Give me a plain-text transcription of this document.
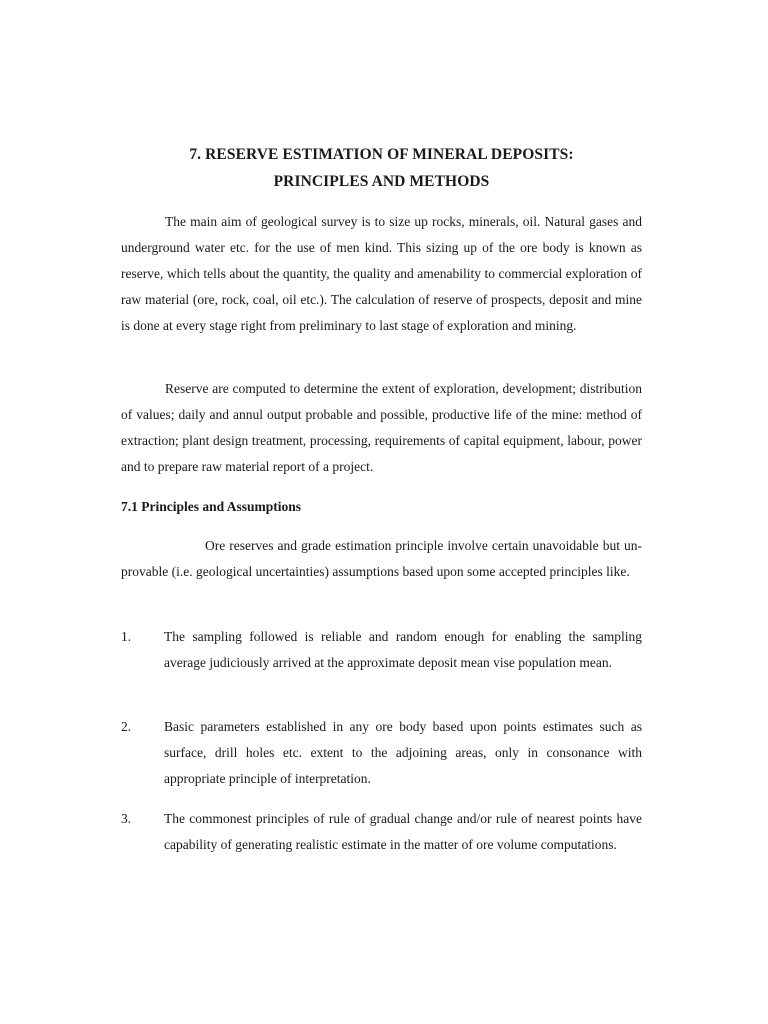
7. RESERVE ESTIMATION OF MINERAL DEPOSITS:
PRINCIPLES AND METHODS

The main aim of geological survey is to size up rocks, minerals, oil. Natural gases and underground water etc. for the use of men kind. This sizing up of the ore body is known as reserve, which tells about the quantity, the quality and amenability to commercial exploration of raw material (ore, rock, coal, oil etc.). The calculation of reserve of prospects, deposit and mine is done at every stage right from preliminary to last stage of exploration and mining.

Reserve are computed to determine the extent of exploration, development; distribution of values; daily and annul output probable and possible, productive life of the mine: method of extraction; plant design treatment, processing, requirements of capital equipment, labour, power and to prepare raw material report of a project.

7.1 Principles and Assumptions

Ore reserves and grade estimation principle involve certain unavoidable but un- provable (i.e. geological uncertainties) assumptions based upon some accepted principles like.

1. The sampling followed is reliable and random enough for enabling the sampling average judiciously arrived at the approximate deposit mean vise population mean.

2. Basic parameters established in any ore body based upon points estimates such as surface, drill holes etc. extent to the adjoining areas, only in consonance with appropriate principle of interpretation.

3. The commonest principles of rule of gradual change and/or rule of nearest points have capability of generating realistic estimate in the matter of ore volume computations.
